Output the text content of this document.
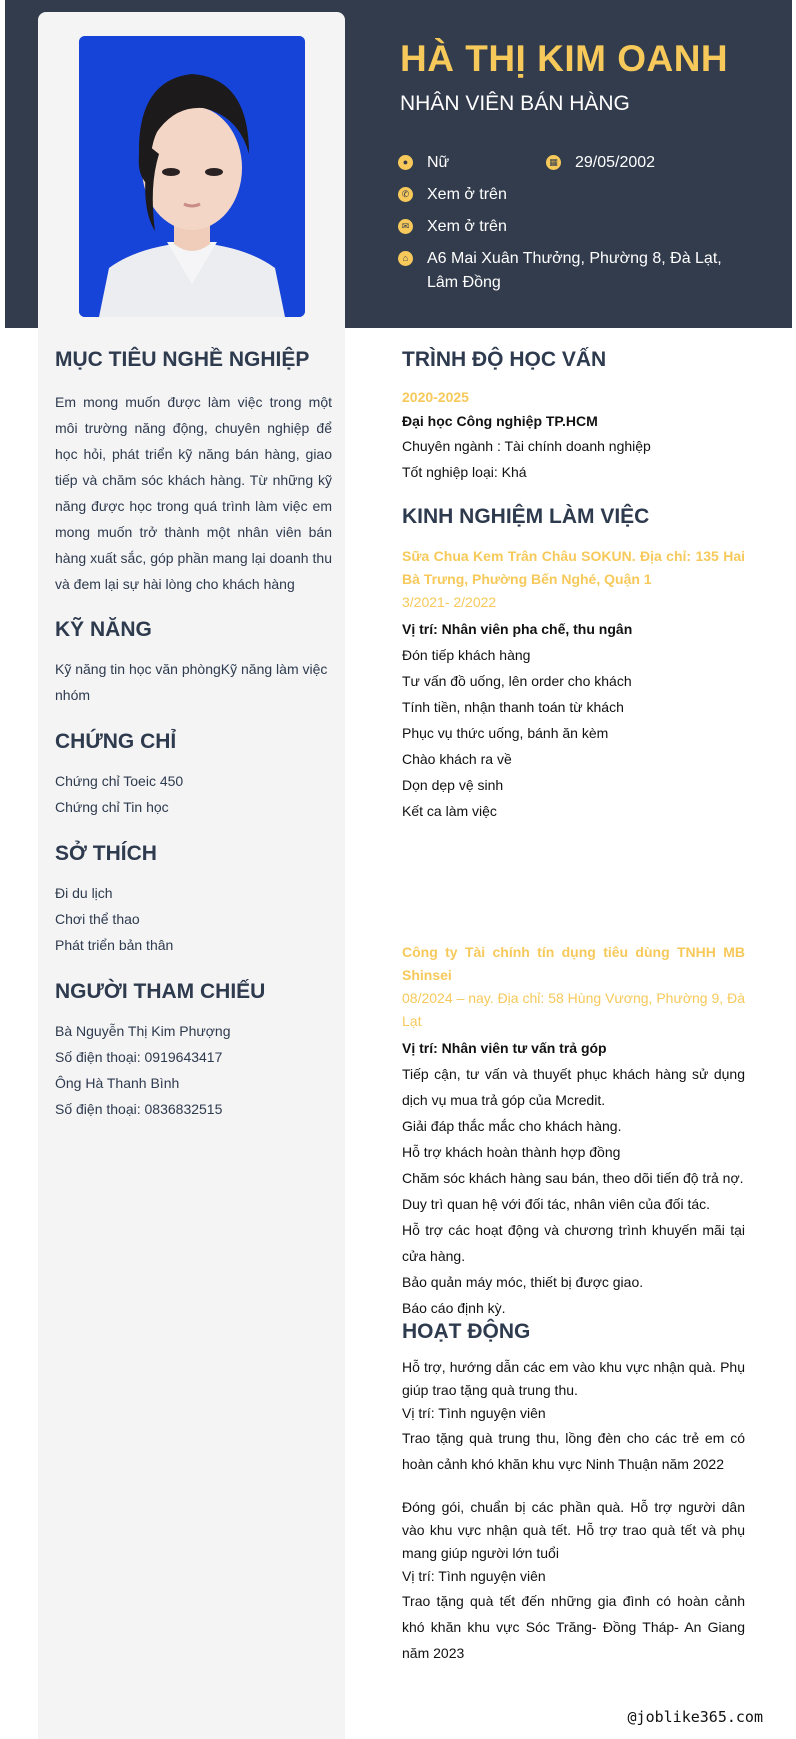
HÀ THỊ KIM OANH
NHÂN VIÊN BÁN HÀNG
● Nữ	▦ 29/05/2002
✆ Xem ở trên
✉ Xem ở trên
⌂ A6 Mai Xuân Thưởng, Phường 8, Đà Lạt, Lâm Đồng
MỤC TIÊU NGHỀ NGHIỆP
Em mong muốn được làm việc trong một môi trường năng động, chuyên nghiệp để học hỏi, phát triển kỹ năng bán hàng, giao tiếp và chăm sóc khách hàng. Từ những kỹ năng được học trong quá trình làm việc em mong muốn trở thành một nhân viên bán hàng xuất sắc, góp phần mang lại doanh thu và đem lại sự hài lòng cho khách hàng
KỸ NĂNG
Kỹ năng tin học văn phòngKỹ năng làm việc nhóm
CHỨNG CHỈ
Chứng chỉ Toeic 450
Chứng chỉ Tin học
SỞ THÍCH
Đi du lịch
Chơi thể thao
Phát triển bản thân
NGƯỜI THAM CHIẾU
Bà Nguyễn Thị Kim Phượng
Số điện thoại: 0919643417
Ông Hà Thanh Bình
Số điện thoại: 0836832515
TRÌNH ĐỘ HỌC VẤN
2020-2025
Đại học Công nghiệp TP.HCM
Chuyên ngành : Tài chính doanh nghiệp
Tốt nghiệp loại: Khá
KINH NGHIỆM LÀM VIỆC
Sữa Chua Kem Trân Châu SOKUN. Địa chỉ: 135 Hai Bà Trưng, Phường Bến Nghé, Quận 1
3/2021- 2/2022
Vị trí: Nhân viên pha chế, thu ngân
Đón tiếp khách hàng
Tư vấn đồ uống, lên order cho khách
Tính tiền, nhận thanh toán từ khách
Phục vụ thức uống, bánh ăn kèm
Chào khách ra về
Dọn dẹp vệ sinh
Kết ca làm việc
Công ty Tài chính tín dụng tiêu dùng TNHH MB Shinsei
08/2024 – nay. Địa chỉ: 58 Hùng Vương, Phường 9, Đà Lạt
Vị trí: Nhân viên tư vấn trả góp
Tiếp cận, tư vấn và thuyết phục khách hàng sử dụng dịch vụ mua trả góp của Mcredit.
Giải đáp thắc mắc cho khách hàng.
Hỗ trợ khách hoàn thành hợp đồng
Chăm sóc khách hàng sau bán, theo dõi tiến độ trả nợ.
Duy trì quan hệ với đối tác, nhân viên của đối tác.
Hỗ trợ các hoạt động và chương trình khuyến mãi tại cửa hàng.
Bảo quản máy móc, thiết bị được giao.
Báo cáo định kỳ.
HOẠT ĐỘNG
Hỗ trợ, hướng dẫn các em vào khu vực nhận quà. Phụ giúp trao tặng quà trung thu.
Vị trí: Tình nguyện viên
Trao tặng quà trung thu, lồng đèn cho các trẻ em có hoàn cảnh khó khăn khu vực Ninh Thuận năm 2022
Đóng gói, chuẩn bị các phần quà. Hỗ trợ người dân vào khu vực nhận quà tết. Hỗ trợ trao quà tết và phụ mang giúp người lớn tuổi
Vị trí: Tình nguyện viên
Trao tặng quà tết đến những gia đình có hoàn cảnh khó khăn khu vực Sóc Trăng- Đồng Tháp- An Giang năm 2023
@joblike365.com
